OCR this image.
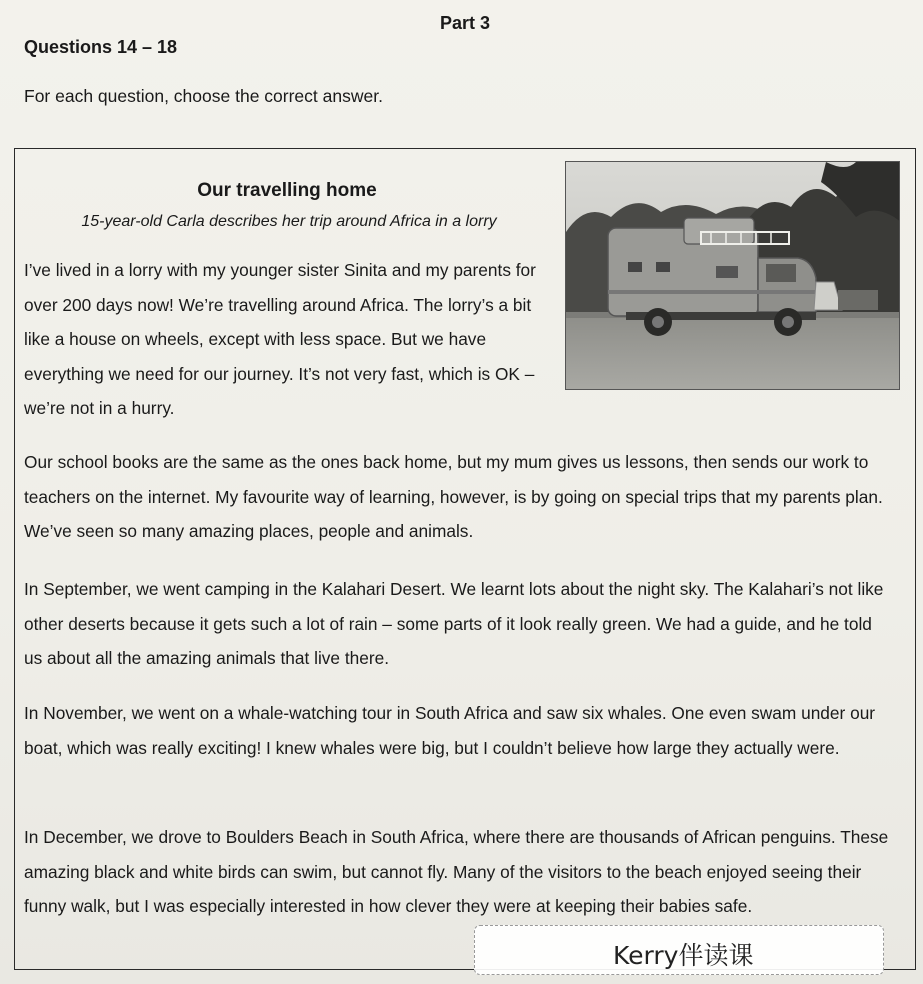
Part 3
Questions 14 – 18
For each question, choose the correct answer.
Our travelling home
15-year-old Carla describes her trip around Africa in a lorry

I’ve lived in a lorry with my younger sister Sinita and my parents for over 200 days now! We’re travelling around Africa. The lorry’s a bit like a house on wheels, except with less space. But we have everything we need for our journey. It’s not very fast, which is OK – we’re not in a hurry.

Our school books are the same as the ones back home, but my mum gives us lessons, then sends our work to teachers on the internet. My favourite way of learning, however, is by going on special trips that my parents plan. We’ve seen so many amazing places, people and animals.

In September, we went camping in the Kalahari Desert. We learnt lots about the night sky. The Kalahari’s not like other deserts because it gets such a lot of rain – some parts of it look really green. We had a guide, and he told us about all the amazing animals that live there.

In November, we went on a whale-watching tour in South Africa and saw six whales. One even swam under our boat, which was really exciting! I knew whales were big, but I couldn’t believe how large they actually were.

In December, we drove to Boulders Beach in South Africa, where there are thousands of African penguins. These amazing black and white birds can swim, but cannot fly. Many of the visitors to the beach enjoyed seeing their funny walk, but I was especially interested in how clever they were at keeping their babies safe.

Kerry伴读课
